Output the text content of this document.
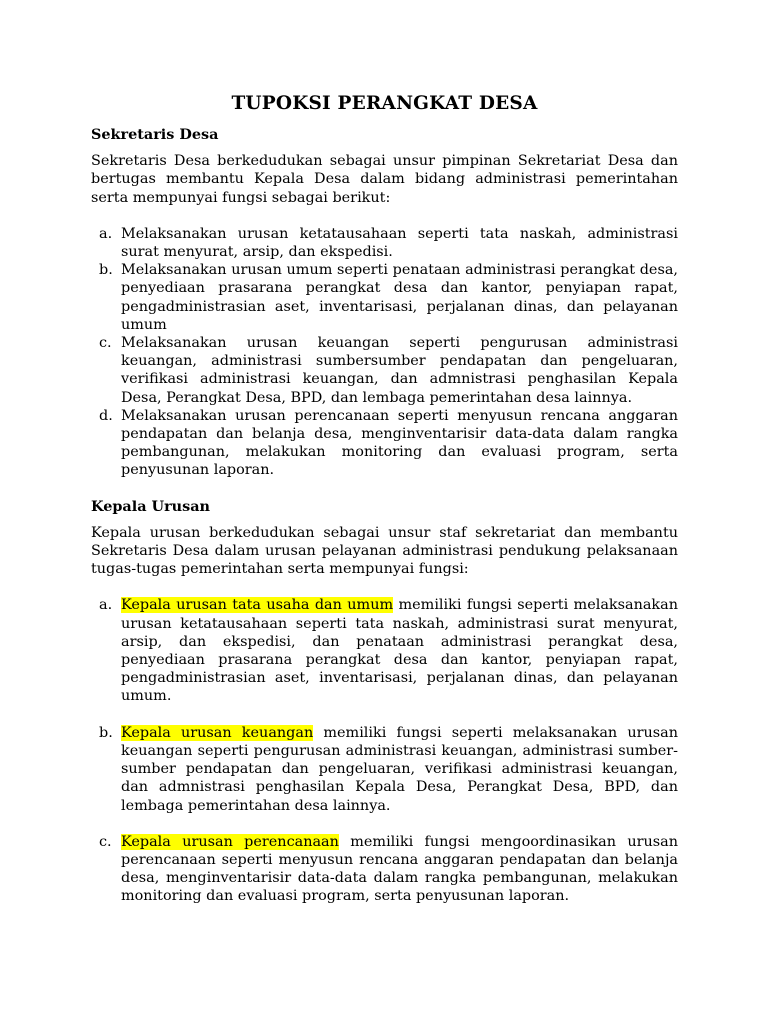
TUPOKSI PERANGKAT DESA
Sekretaris Desa
Sekretaris Desa berkedudukan sebagai unsur pimpinan Sekretariat Desa dan bertugas membantu Kepala Desa dalam bidang administrasi pemerintahan serta mempunyai fungsi sebagai berikut:
a. Melaksanakan urusan ketatausahaan seperti tata naskah, administrasi surat menyurat, arsip, dan ekspedisi.
b. Melaksanakan urusan umum seperti penataan administrasi perangkat desa, penyediaan prasarana perangkat desa dan kantor, penyiapan rapat, pengadministrasian aset, inventarisasi, perjalanan dinas, dan pelayanan umum
c. Melaksanakan urusan keuangan seperti pengurusan administrasi keuangan, administrasi sumbersumber pendapatan dan pengeluaran, verifikasi administrasi keuangan, dan admnistrasi penghasilan Kepala Desa, Perangkat Desa, BPD, dan lembaga pemerintahan desa lainnya.
d. Melaksanakan urusan perencanaan seperti menyusun rencana anggaran pendapatan dan belanja desa, menginventarisir data-data dalam rangka pembangunan, melakukan monitoring dan evaluasi program, serta penyusunan laporan.
Kepala Urusan
Kepala urusan berkedudukan sebagai unsur staf sekretariat dan membantu Sekretaris Desa dalam urusan pelayanan administrasi pendukung pelaksanaan tugas-tugas pemerintahan serta mempunyai fungsi:
a. Kepala urusan tata usaha dan umum memiliki fungsi seperti melaksanakan urusan ketatausahaan seperti tata naskah, administrasi surat menyurat, arsip, dan ekspedisi, dan penataan administrasi perangkat desa, penyediaan prasarana perangkat desa dan kantor, penyiapan rapat, pengadministrasian aset, inventarisasi, perjalanan dinas, dan pelayanan umum.
b. Kepala urusan keuangan memiliki fungsi seperti melaksanakan urusan keuangan seperti pengurusan administrasi keuangan, administrasi sumber-sumber pendapatan dan pengeluaran, verifikasi administrasi keuangan, dan admnistrasi penghasilan Kepala Desa, Perangkat Desa, BPD, dan lembaga pemerintahan desa lainnya.
c. Kepala urusan perencanaan memiliki fungsi mengoordinasikan urusan perencanaan seperti menyusun rencana anggaran pendapatan dan belanja desa, menginventarisir data-data dalam rangka pembangunan, melakukan monitoring dan evaluasi program, serta penyusunan laporan.
